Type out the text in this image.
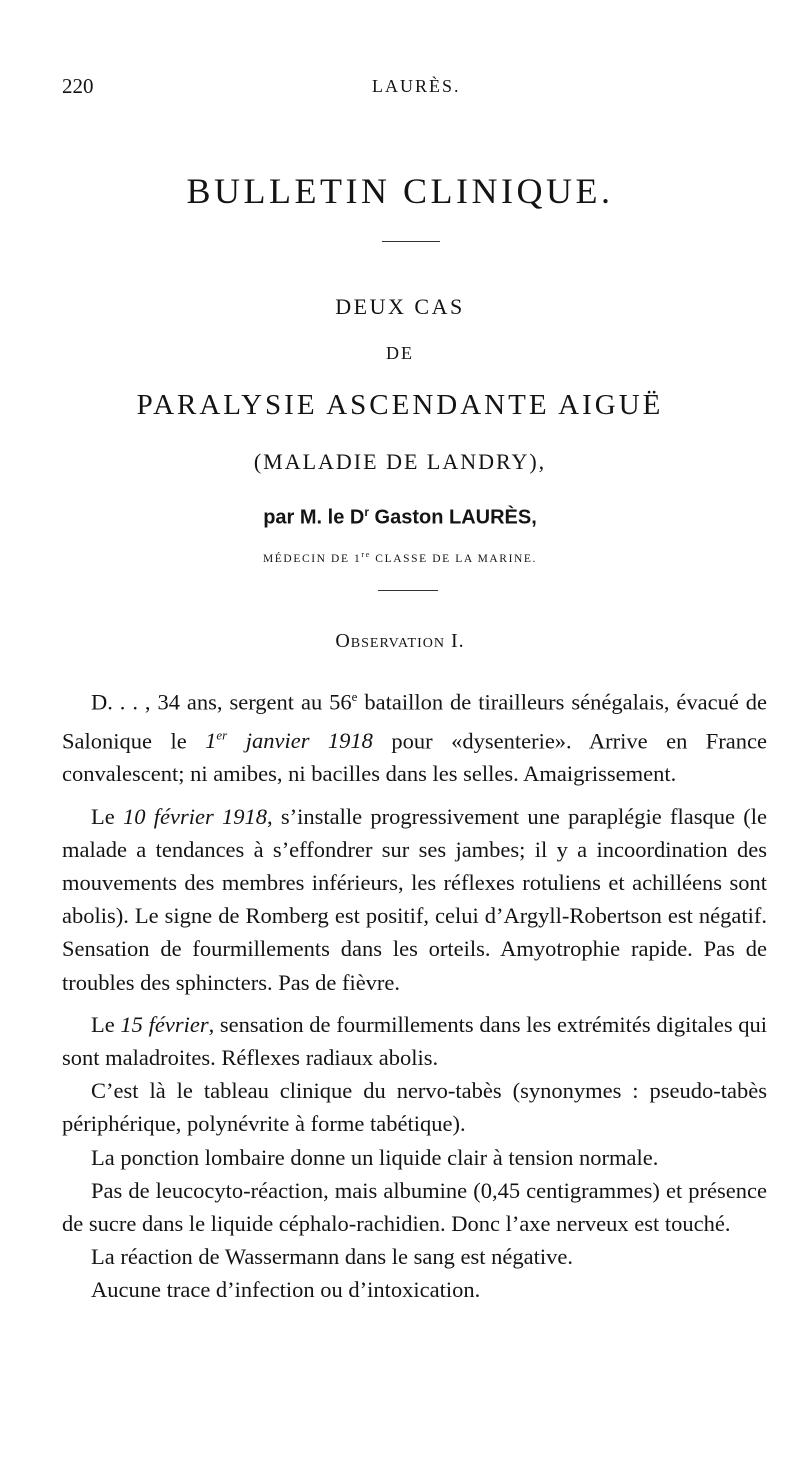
220	LAURÈS.
BULLETIN CLINIQUE.
DEUX CAS
DE
PARALYSIE ASCENDANTE AIGUË
(MALADIE DE LANDRY),
par M. le $D^r$ Gaston LAURÈS,
MÉDECIN DE 1re CLASSE DE LA MARINE.
Observation I.

D. . . , 34 ans, sergent au 56e bataillon de tirailleurs sénégalais, évacué de Salonique le 1er janvier 1918 pour «dysenterie». Arrive en France convalescent; ni amibes, ni bacilles dans les selles. Amaigrissement.

Le 10 février 1918, s’installe progressivement une paraplégie flasque (le malade a tendances à s’effondrer sur ses jambes; il y a incoordination des mouvements des membres inférieurs, les réflexes rotuliens et achilléens sont abolis). Le signe de Romberg est positif, celui d’Argyll-Robertson est négatif. Sensation de fourmillements dans les orteils. Amyotrophie rapide. Pas de troubles des sphincters. Pas de fièvre.

Le 15 février, sensation de fourmillements dans les extrémités digitales qui sont maladroites. Réflexes radiaux abolis.

C’est là le tableau clinique du nervo-tabès (synonymes : pseudo-tabès périphérique, polynévrite à forme tabétique).

La ponction lombaire donne un liquide clair à tension normale.

Pas de leucocyto-réaction, mais albumine (0,45 centigrammes) et présence de sucre dans le liquide céphalo-rachidien. Donc l’axe nerveux est touché.

La réaction de Wassermann dans le sang est négative.

Aucune trace d’infection ou d’intoxication.
